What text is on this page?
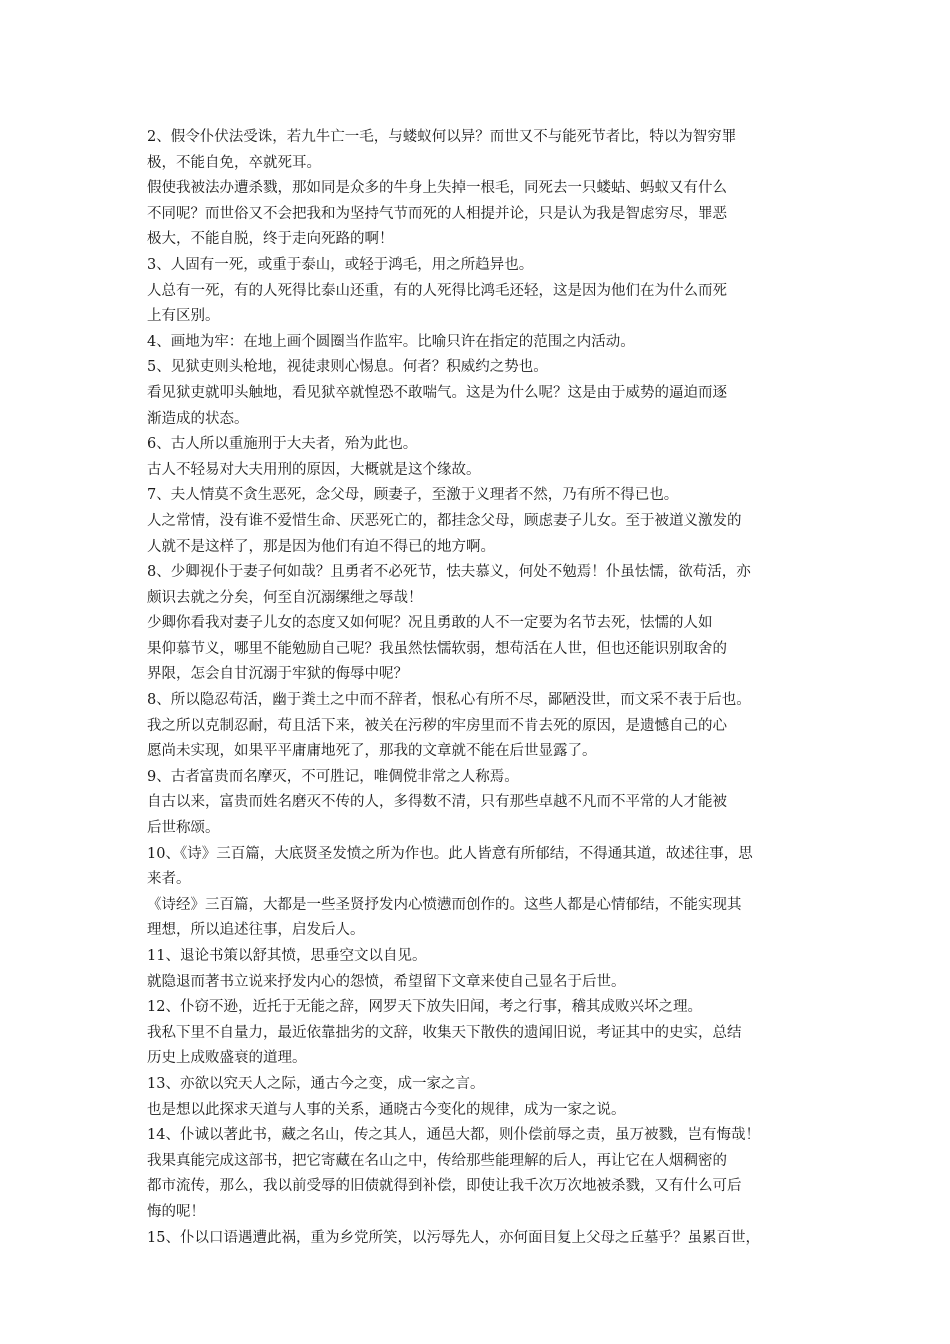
2、假令仆伏法受诛，若九牛亡一毛，与蝼蚁何以异？而世又不与能死节者比，特以为智穷罪
极，不能自免，卒就死耳。
假使我被法办遭杀戮，那如同是众多的牛身上失掉一根毛，同死去一只蝼蛄、蚂蚁又有什么
不同呢？而世俗又不会把我和为坚持气节而死的人相提并论，只是认为我是智虑穷尽，罪恶
极大，不能自脱，终于走向死路的啊！
3、人固有一死，或重于泰山，或轻于鸿毛，用之所趋异也。
人总有一死，有的人死得比泰山还重，有的人死得比鸿毛还轻，这是因为他们在为什么而死
上有区别。
4、画地为牢：在地上画个圆圈当作监牢。比喻只许在指定的范围之内活动。
5、见狱吏则头枪地，视徒隶则心惕息。何者？积威约之势也。
看见狱吏就叩头触地，看见狱卒就惶恐不敢喘气。这是为什么呢？这是由于威势的逼迫而逐
渐造成的状态。
6、古人所以重施刑于大夫者，殆为此也。
古人不轻易对大夫用刑的原因，大概就是这个缘故。
7、夫人情莫不贪生恶死，念父母，顾妻子，至激于义理者不然，乃有所不得已也。
人之常情，没有谁不爱惜生命、厌恶死亡的，都挂念父母，顾虑妻子儿女。至于被道义激发的
人就不是这样了，那是因为他们有迫不得已的地方啊。
8、少卿视仆于妻子何如哉？且勇者不必死节，怯夫慕义，何处不勉焉！仆虽怯懦，欲苟活，亦
颇识去就之分矣，何至自沉溺缧绁之辱哉！
少卿你看我对妻子儿女的态度又如何呢？况且勇敢的人不一定要为名节去死，怯懦的人如
果仰慕节义，哪里不能勉励自己呢？我虽然怯懦软弱，想苟活在人世，但也还能识别取舍的
界限，怎会自甘沉溺于牢狱的侮辱中呢？
8、所以隐忍苟活，幽于粪土之中而不辞者，恨私心有所不尽，鄙陋没世，而文采不表于后也。
我之所以克制忍耐，苟且活下来，被关在污秽的牢房里而不肯去死的原因，是遗憾自己的心
愿尚未实现，如果平平庸庸地死了，那我的文章就不能在后世显露了。
9、古者富贵而名摩灭，不可胜记，唯倜傥非常之人称焉。
自古以来，富贵而姓名磨灭不传的人，多得数不清，只有那些卓越不凡而不平常的人才能被
后世称颂。
10、《诗》三百篇，大底贤圣发愤之所为作也。此人皆意有所郁结，不得通其道，故述往事，思
来者。
《诗经》三百篇，大都是一些圣贤抒发内心愤懑而创作的。这些人都是心情郁结，不能实现其
理想，所以追述往事，启发后人。
11、退论书策以舒其愤，思垂空文以自见。
就隐退而著书立说来抒发内心的怨愤，希望留下文章来使自己显名于后世。
12、仆窃不逊，近托于无能之辞，网罗天下放失旧闻，考之行事，稽其成败兴坏之理。
我私下里不自量力，最近依靠拙劣的文辞，收集天下散佚的遗闻旧说，考证其中的史实，总结
历史上成败盛衰的道理。
13、亦欲以究天人之际，通古今之变，成一家之言。
也是想以此探求天道与人事的关系，通晓古今变化的规律，成为一家之说。
14、仆诚以著此书，藏之名山，传之其人，通邑大都，则仆偿前辱之责，虽万被戮，岂有悔哉！
我果真能完成这部书，把它寄藏在名山之中，传给那些能理解的后人，再让它在人烟稠密的
都市流传，那么，我以前受辱的旧债就得到补偿，即使让我千次万次地被杀戮，又有什么可后
悔的呢！
15、仆以口语遇遭此祸，重为乡党所笑，以污辱先人，亦何面目复上父母之丘墓乎？虽累百世，
